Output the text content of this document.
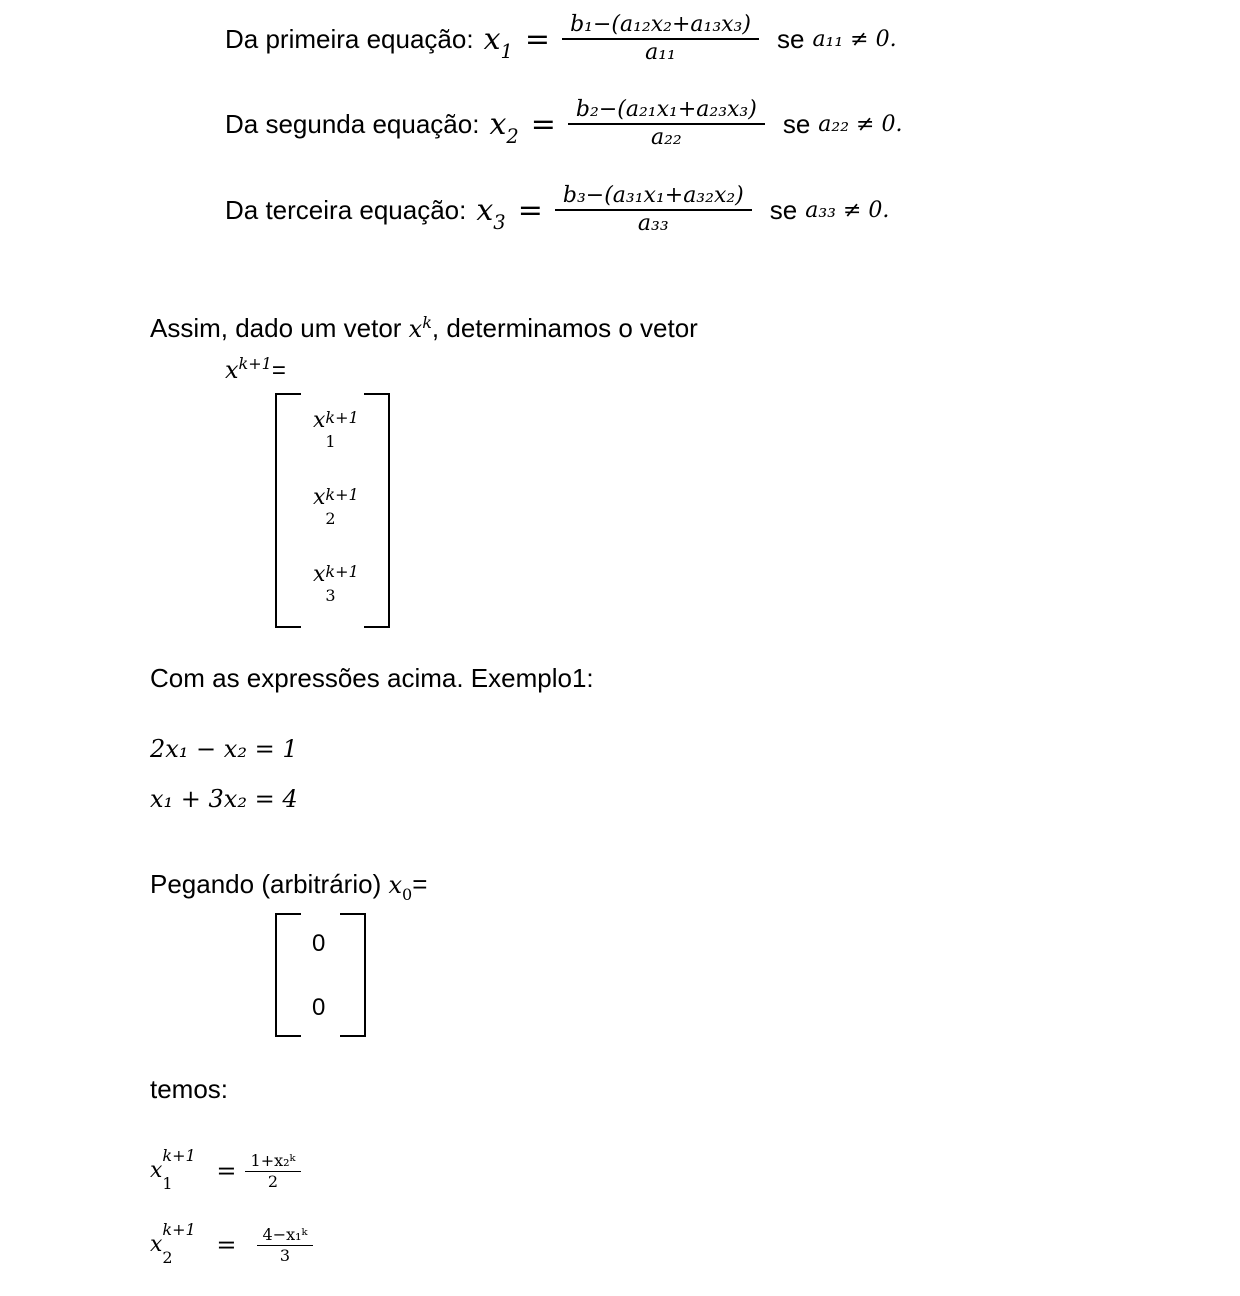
Da primeira equação: $x_1 = \frac{\text{b₁−(a₁₂x₂+a₁₃x₃)}}{\text{a₁₁}}$ se a₁₁ ≠ 0.
Da segunda equação: $x_2 = \frac{\text{b₂−(a₂₁x₁+a₂₃x₃)}}{\text{a₂₂}}$ se a₂₂ ≠ 0.
Da terceira equação: $x_3 = \frac{\text{b₃−(a₃₁x₁+a₃₂x₂)}}{\text{a₃₃}}$ se a₃₃ ≠ 0.
Assim, dado um vetor $x^k$, determinamos o vetor
$x^{k+1}=$
x k+1
1
x k+1
2
x k+1
3
Com as expressões acima. Exemplo1:
2x₁ − x₂ = 1
x₁ + 3x₂ = 4
Pegando (arbitrário) $x_0=$
0
0
temos:
x
k+1
$1 = \frac{\text{1+x₂ᵏ}}{2}$
x
k+1
$2 = \frac{\text{4−x₁ᵏ}}{3}$
